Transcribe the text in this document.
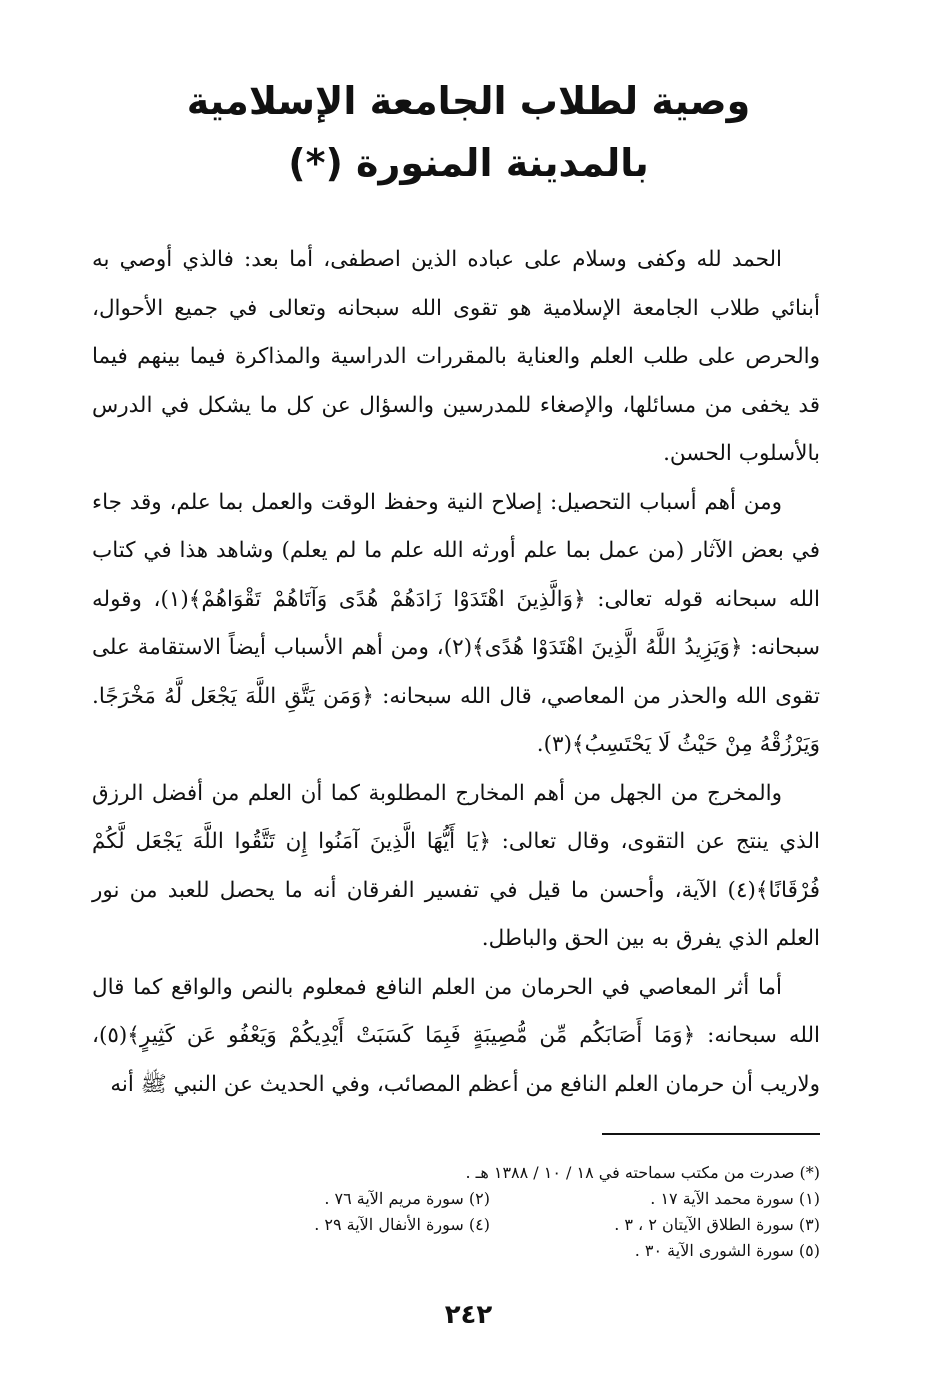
وصية لطلاب الجامعة الإسلامية
بالمدينة المنورة (*)

الحمد لله وكفى وسلام على عباده الذين اصطفى، أما بعد: فالذي أوصي به أبنائي طلاب الجامعة الإسلامية هو تقوى الله سبحانه وتعالى في جميع الأحوال، والحرص على طلب العلم والعناية بالمقررات الدراسية والمذاكرة فيما بينهم فيما قد يخفى من مسائلها، والإصغاء للمدرسين والسؤال عن كل ما يشكل في الدرس بالأسلوب الحسن.

ومن أهم أسباب التحصيل: إصلاح النية وحفظ الوقت والعمل بما علم، وقد جاء في بعض الآثار (من عمل بما علم أورثه الله علم ما لم يعلم) وشاهد هذا في كتاب الله سبحانه قوله تعالى: ﴿وَالَّذِينَ اهْتَدَوْا زَادَهُمْ هُدًى وَآتَاهُمْ تَقْوَاهُمْ﴾(١)، وقوله سبحانه: ﴿وَيَزِيدُ اللَّهُ الَّذِينَ اهْتَدَوْا هُدًى﴾(٢)، ومن أهم الأسباب أيضاً الاستقامة على تقوى الله والحذر من المعاصي، قال الله سبحانه: ﴿وَمَن يَتَّقِ اللَّهَ يَجْعَل لَّهُ مَخْرَجًا. وَيَرْزُقْهُ مِنْ حَيْثُ لَا يَحْتَسِبُ﴾(٣).

والمخرج من الجهل من أهم المخارج المطلوبة كما أن العلم من أفضل الرزق الذي ينتج عن التقوى، وقال تعالى: ﴿يَا أَيُّهَا الَّذِينَ آمَنُوا إِن تَتَّقُوا اللَّهَ يَجْعَل لَّكُمْ فُرْقَانًا﴾(٤) الآية، وأحسن ما قيل في تفسير الفرقان أنه ما يحصل للعبد من نور العلم الذي يفرق به بين الحق والباطل.

أما أثر المعاصي في الحرمان من العلم النافع فمعلوم بالنص والواقع كما قال الله سبحانه: ﴿وَمَا أَصَابَكُم مِّن مُّصِيبَةٍ فَبِمَا كَسَبَتْ أَيْدِيكُمْ وَيَعْفُو عَن كَثِيرٍ﴾(٥)، ولاريب أن حرمان العلم النافع من أعظم المصائب، وفي الحديث عن النبي ﷺ أنه

(*) صدرت من مكتب سماحته في ١٨ / ١٠ / ١٣٨٨ هـ .
(١) سورة محمد الآية ١٧ .
(٢) سورة مريم الآية ٧٦ .
(٣) سورة الطلاق الآيتان ٢ ، ٣ .
(٤) سورة الأنفال الآية ٢٩ .
(٥) سورة الشورى الآية ٣٠ .
٢٤٢
